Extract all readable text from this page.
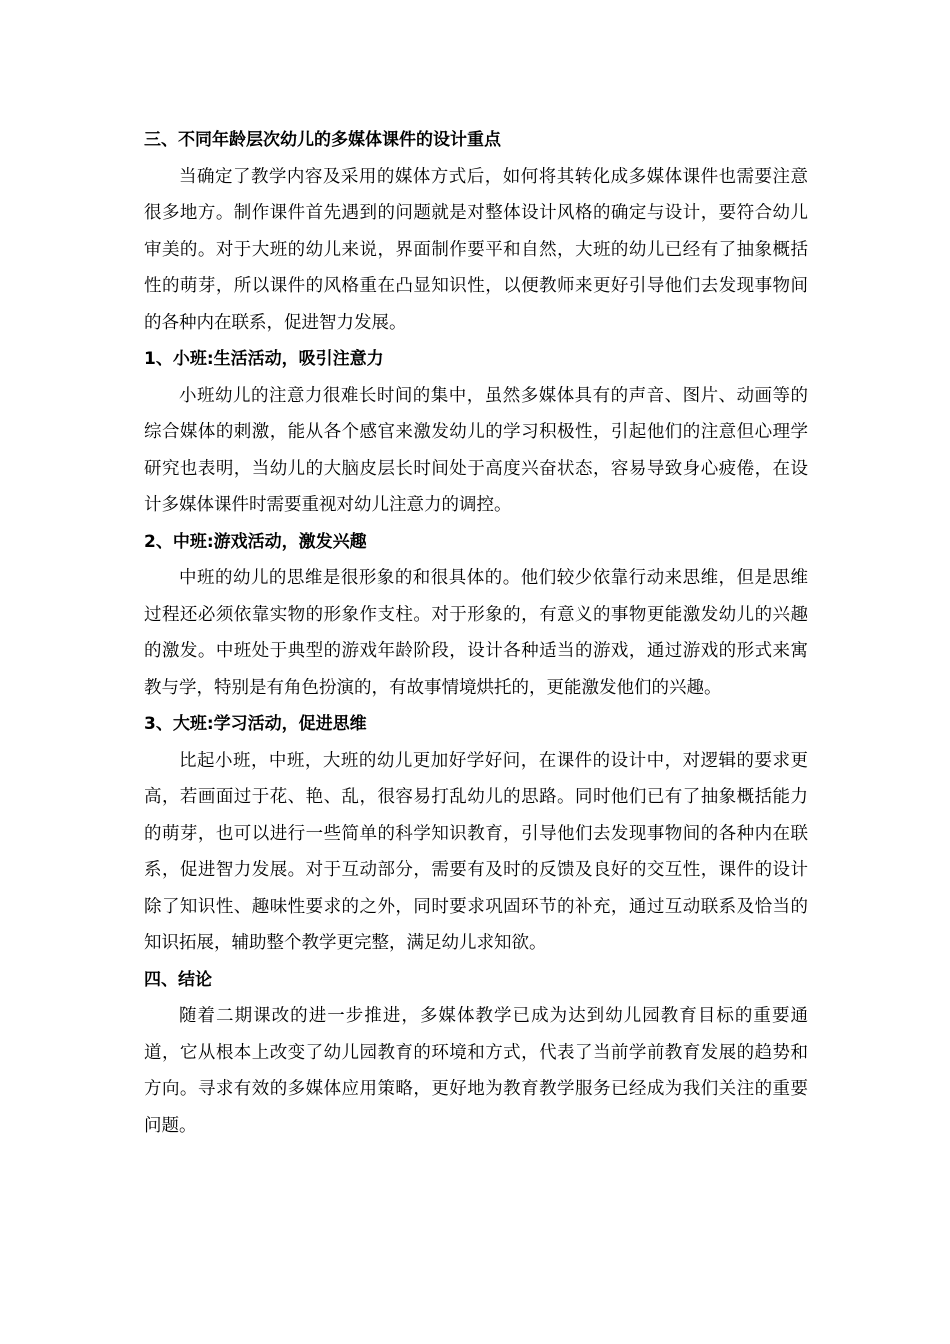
三、不同年龄层次幼儿的多媒体课件的设计重点
当确定了教学内容及采用的媒体方式后，如何将其转化成多媒体课件也需要注意很多地方。制作课件首先遇到的问题就是对整体设计风格的确定与设计，要符合幼儿审美的。对于大班的幼儿来说，界面制作要平和自然，大班的幼儿已经有了抽象概括性的萌芽，所以课件的风格重在凸显知识性，以便教师来更好引导他们去发现事物间的各种内在联系，促进智力发展。
1、小班:生活活动，吸引注意力
小班幼儿的注意力很难长时间的集中，虽然多媒体具有的声音、图片、动画等的综合媒体的刺激，能从各个感官来激发幼儿的学习积极性，引起他们的注意但心理学研究也表明，当幼儿的大脑皮层长时间处于高度兴奋状态，容易导致身心疲倦，在设计多媒体课件时需要重视对幼儿注意力的调控。
2、中班:游戏活动，激发兴趣
中班的幼儿的思维是很形象的和很具体的。他们较少依靠行动来思维，但是思维过程还必须依靠实物的形象作支柱。对于形象的，有意义的事物更能激发幼儿的兴趣的激发。中班处于典型的游戏年龄阶段，设计各种适当的游戏，通过游戏的形式来寓教与学，特别是有角色扮演的，有故事情境烘托的，更能激发他们的兴趣。
3、大班:学习活动，促进思维
比起小班，中班，大班的幼儿更加好学好问，在课件的设计中，对逻辑的要求更高，若画面过于花、艳、乱，很容易打乱幼儿的思路。同时他们已有了抽象概括能力的萌芽，也可以进行一些简单的科学知识教育，引导他们去发现事物间的各种内在联系，促进智力发展。对于互动部分，需要有及时的反馈及良好的交互性，课件的设计除了知识性、趣味性要求的之外，同时要求巩固环节的补充，通过互动联系及恰当的知识拓展，辅助整个教学更完整，满足幼儿求知欲。
四、结论
随着二期课改的进一步推进，多媒体教学已成为达到幼儿园教育目标的重要通道，它从根本上改变了幼儿园教育的环境和方式，代表了当前学前教育发展的趋势和方向。寻求有效的多媒体应用策略，更好地为教育教学服务已经成为我们关注的重要问题。
